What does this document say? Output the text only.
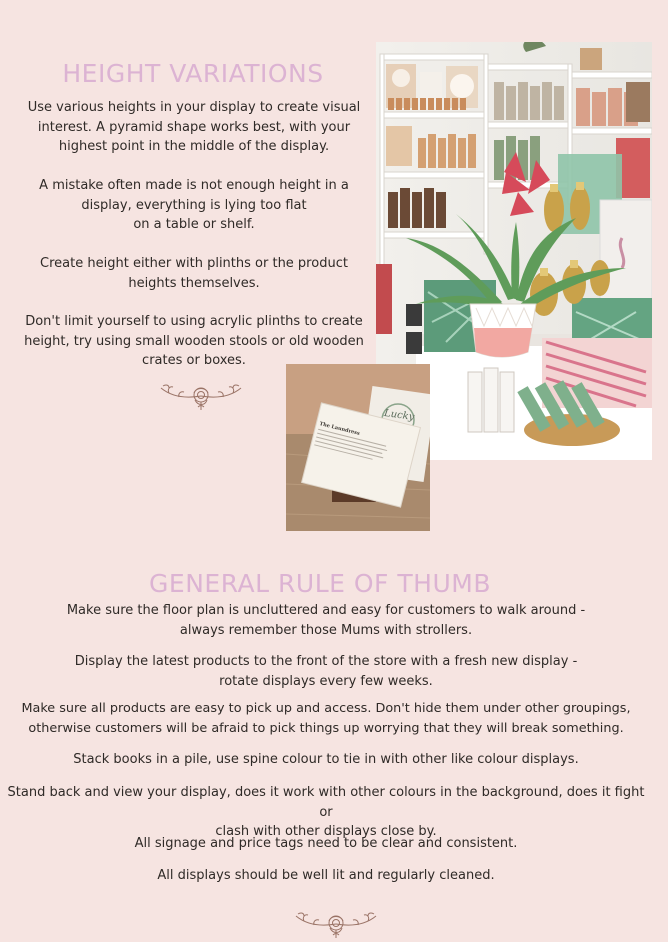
HEIGHT VARIATIONS

Use various heights in your display to create visual
interest. A pyramid shape works best, with your
highest point in the middle of the display.

A mistake often made is not enough height in a
display, everything is lying too flat
on a table or shelf.

Create height either with plinths or the product
heights themselves.

Don't limit yourself to using acrylic plinths to create
height, try using small wooden stools or old wooden
crates or boxes.

The Laundress
Lucky
GENERAL RULE OF THUMB

Make sure the floor plan is uncluttered and easy for customers to walk around -
always remember those Mums with strollers.

Display the latest products to the front of the store with a fresh new display -
rotate displays every few weeks.

Make sure all products are easy to pick up and access. Don't hide them under other groupings,
otherwise customers will be afraid to pick things up worrying that they will break something.

Stack books in a pile, use spine colour to tie in with other like colour displays.

Stand back and view your display, does it work with other colours in the background, does it fight or
clash with other displays close by.

All signage and price tags need to be clear and consistent.

All displays should be well lit and regularly cleaned.
